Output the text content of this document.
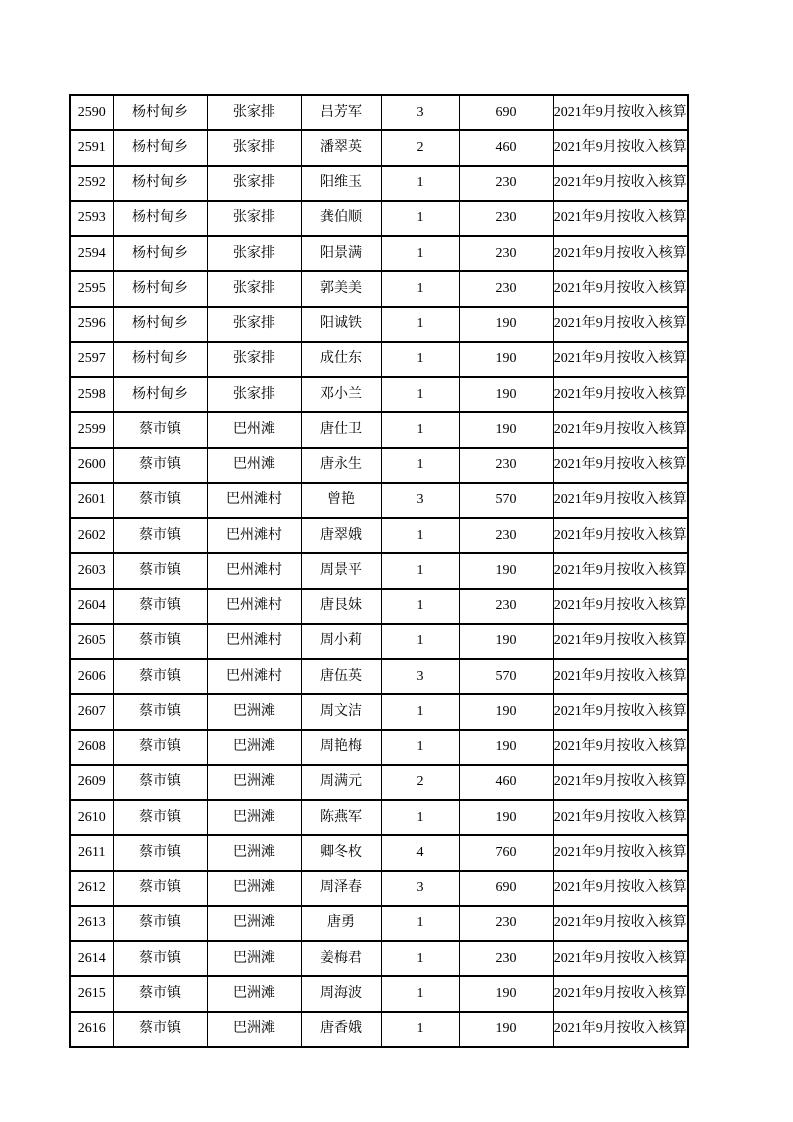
2590	杨村甸乡	张家排	吕芳军	3	690	2021年9月按收入核算
2591	杨村甸乡	张家排	潘翠英	2	460	2021年9月按收入核算
2592	杨村甸乡	张家排	阳维玉	1	230	2021年9月按收入核算
2593	杨村甸乡	张家排	龚伯顺	1	230	2021年9月按收入核算
2594	杨村甸乡	张家排	阳景满	1	230	2021年9月按收入核算
2595	杨村甸乡	张家排	郭美美	1	230	2021年9月按收入核算
2596	杨村甸乡	张家排	阳诚铁	1	190	2021年9月按收入核算
2597	杨村甸乡	张家排	成仕东	1	190	2021年9月按收入核算
2598	杨村甸乡	张家排	邓小兰	1	190	2021年9月按收入核算
2599	蔡市镇	巴州滩	唐仕卫	1	190	2021年9月按收入核算
2600	蔡市镇	巴州滩	唐永生	1	230	2021年9月按收入核算
2601	蔡市镇	巴州滩村	曾艳	3	570	2021年9月按收入核算
2602	蔡市镇	巴州滩村	唐翠娥	1	230	2021年9月按收入核算
2603	蔡市镇	巴州滩村	周景平	1	190	2021年9月按收入核算
2604	蔡市镇	巴州滩村	唐艮妹	1	230	2021年9月按收入核算
2605	蔡市镇	巴州滩村	周小莉	1	190	2021年9月按收入核算
2606	蔡市镇	巴州滩村	唐伍英	3	570	2021年9月按收入核算
2607	蔡市镇	巴洲滩	周文洁	1	190	2021年9月按收入核算
2608	蔡市镇	巴洲滩	周艳梅	1	190	2021年9月按收入核算
2609	蔡市镇	巴洲滩	周满元	2	460	2021年9月按收入核算
2610	蔡市镇	巴洲滩	陈燕军	1	190	2021年9月按收入核算
2611	蔡市镇	巴洲滩	卿冬枚	4	760	2021年9月按收入核算
2612	蔡市镇	巴洲滩	周泽春	3	690	2021年9月按收入核算
2613	蔡市镇	巴洲滩	唐勇	1	230	2021年9月按收入核算
2614	蔡市镇	巴洲滩	姜梅君	1	230	2021年9月按收入核算
2615	蔡市镇	巴洲滩	周海波	1	190	2021年9月按收入核算
2616	蔡市镇	巴洲滩	唐香娥	1	190	2021年9月按收入核算
